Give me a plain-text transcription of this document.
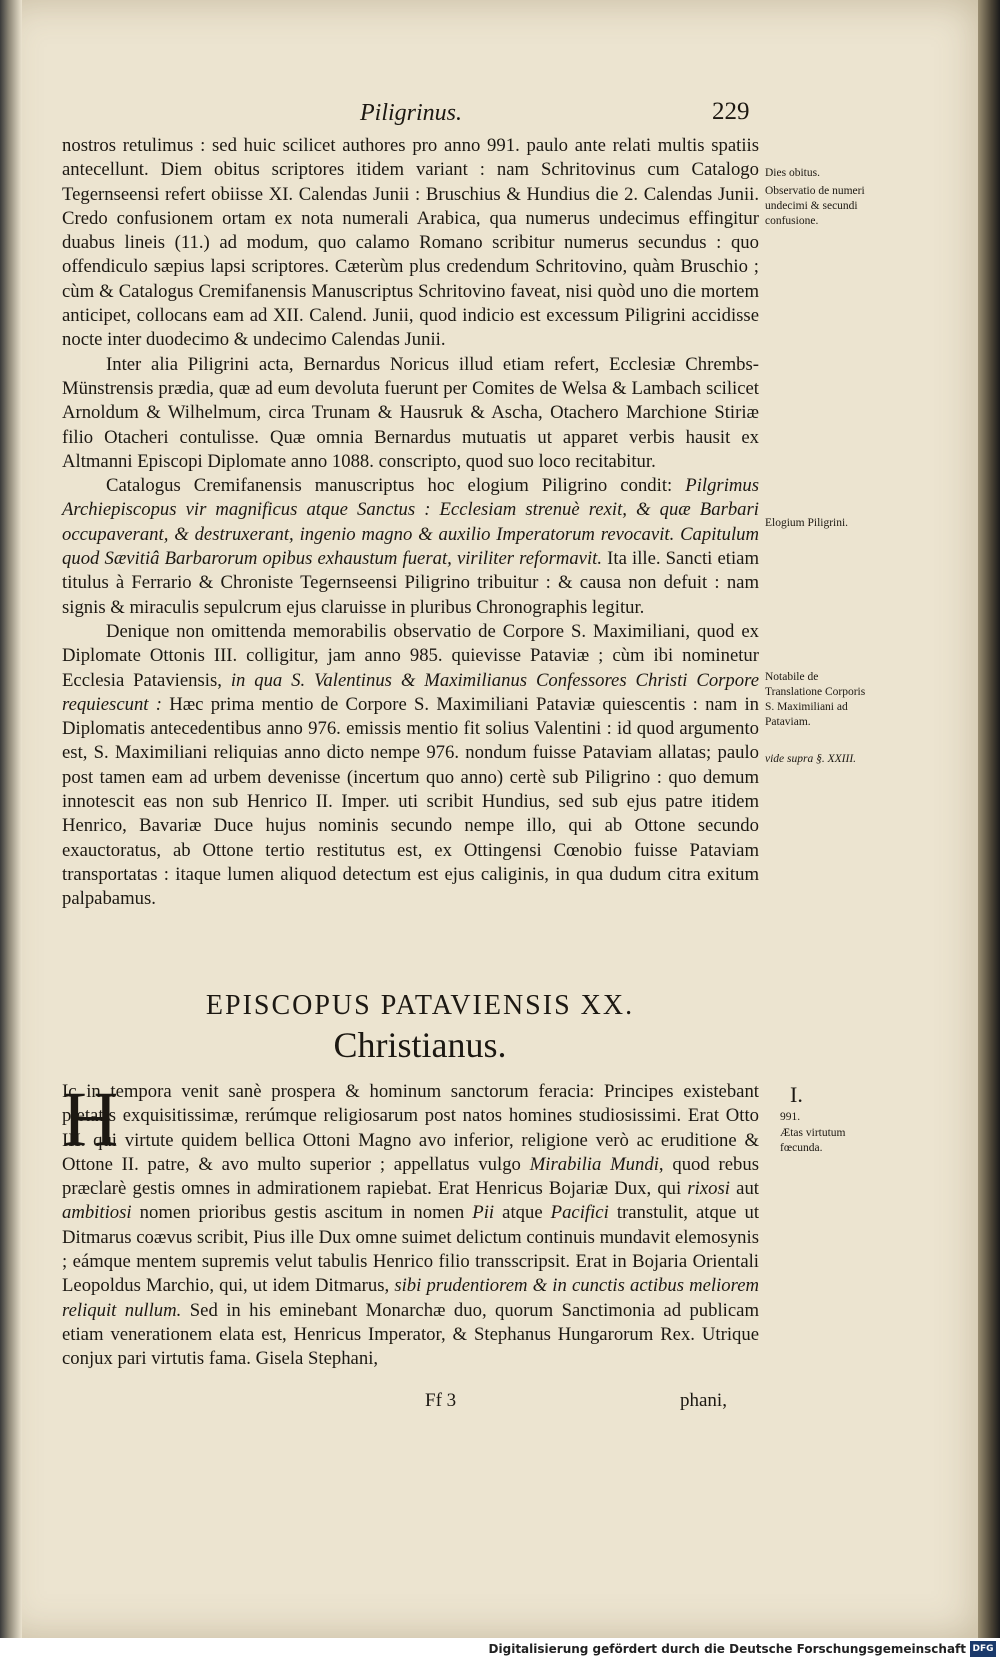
Piligrinus.	229

nostros retulimus : sed huic scilicet authores pro anno 991. paulo ante relati multis spatiis antecellunt. Diem obitus scriptores itidem variant : nam Schritovinus cum Catalogo Tegernseensi refert obiisse XI. Calendas Junii : Bruschius & Hundius die 2. Calendas Junii. Credo confusionem ortam ex nota numerali Arabica, qua numerus undecimus effingitur duabus lineis (11.) ad modum, quo calamo Romano scribitur numerus secundus : quo offendiculo sæpius lapsi scriptores. Cæterùm plus credendum Schritovino, quàm Bruschio ; cùm & Catalogus Cremifanensis Manuscriptus Schritovino faveat, nisi quòd uno die mortem anticipet, collocans eam ad XII. Calend. Junii, quod indicio est excessum Piligrini accidisse nocte inter duodecimo & undecimo Calendas Junii.

Inter alia Piligrini acta, Bernardus Noricus illud etiam refert, Ecclesiæ Chrembs-Münstrensis prædia, quæ ad eum devoluta fuerunt per Comites de Welsa & Lambach scilicet Arnoldum & Wilhelmum, circa Trunam & Hausruk & Ascha, Otachero Marchione Stiriæ filio Otacheri contulisse. Quæ omnia Bernardus mutuatis ut apparet verbis hausit ex Altmanni Episcopi Diplomate anno 1088. conscripto, quod suo loco recitabitur.

Catalogus Cremifanensis manuscriptus hoc elogium Piligrino condit: Pilgrimus Archiepiscopus vir magnificus atque Sanctus : Ecclesiam strenuè rexit, & quæ Barbari occupaverant, & destruxerant, ingenio magno & auxilio Imperatorum revocavit. Capitulum quod Sævitiâ Barbarorum opibus exhaustum fuerat, viriliter reformavit. Ita ille. Sancti etiam titulus à Ferrario & Chroniste Tegernseensi Piligrino tribuitur : & causa non defuit : nam signis & miraculis sepulcrum ejus claruisse in pluribus Chronographis legitur.

Denique non omittenda memorabilis observatio de Corpore S. Maximiliani, quod ex Diplomate Ottonis III. colligitur, jam anno 985. quievisse Pataviæ ; cùm ibi nominetur Ecclesia Pataviensis, in qua S. Valentinus & Maximilianus Confessores Christi Corpore requiescunt : Hæc prima mentio de Corpore S. Maximiliani Pataviæ quiescentis : nam in Diplomatis antecedentibus anno 976. emissis mentio fit solius Valentini : id quod argumento est, S. Maximiliani reliquias anno dicto nempe 976. nondum fuisse Pataviam allatas; paulo post tamen eam ad urbem devenisse (incertum quo anno) certè sub Piligrino : quo demum innotescit eas non sub Henrico II. Imper. uti scribit Hundius, sed sub ejus patre itidem Henrico, Bavariæ Duce hujus nominis secundo nempe illo, qui ab Ottone secundo exauctoratus, ab Ottone tertio restitutus est, ex Ottingensi Cœnobio fuisse Pataviam transportatas : itaque lumen aliquod detectum est ejus caliginis, in qua dudum citra exitum palpabamus.

Dies obitus.
Observatio de numeri undecimi & secundi confusione.
Elogium Piligrini.
Notabile de Translatione Corporis S. Maximiliani ad Pataviam.
vide supra §. XXIII.
EPISCOPUS PATAVIENSIS XX.
Christianus.
H
Ic in tempora venit sanè prospera & hominum sanctorum feracia: Principes existebant pietatis exquisitissimæ, rerúmque religiosarum post natos homines studiosissimi. Erat Otto III. qui virtute quidem bellica Ottoni Magno avo inferior, religione verò ac eruditione & Ottone II. patre, & avo multo superior ; appellatus vulgo Mirabilia Mundi, quod rebus præclarè gestis omnes in admirationem rapiebat. Erat Henricus Bojariæ Dux, qui rixosi aut ambitiosi nomen prioribus gestis ascitum in nomen Pii atque Pacifici transtulit, atque ut Ditmarus coævus scribit, Pius ille Dux omne suimet delictum continuis mundavit elemosynis ; eámque mentem supremis velut tabulis Henrico filio transscripsit. Erat in Bojaria Orientali Leopoldus Marchio, qui, ut idem Ditmarus, sibi prudentiorem & in cunctis actibus meliorem reliquit nullum. Sed in his eminebant Monarchæ duo, quorum Sanctimonia ad publicam etiam venerationem elata est, Henricus Imperator, & Stephanus Hungarorum Rex. Utrique conjux pari virtutis fama. Gisela Stephani,
I.
991.
Ætas virtutum fœcunda.
Ff 3	phani,
Digitalisierung gefördert durch die Deutsche Forschungsgemeinschaft DFG
